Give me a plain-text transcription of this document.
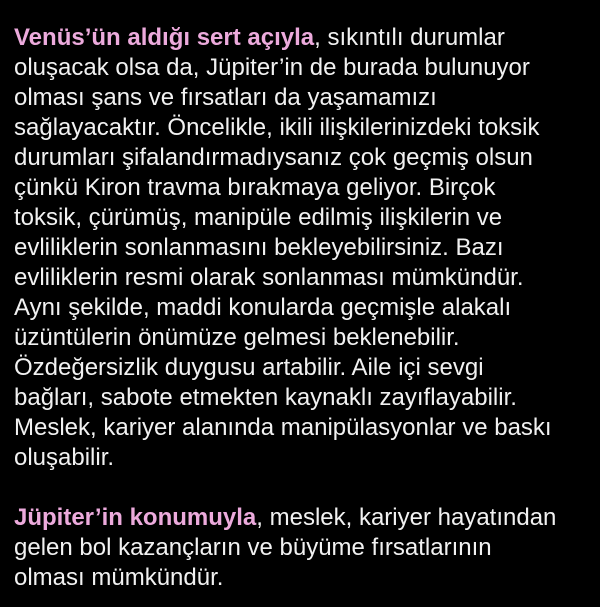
Venüs’ün aldığı sert açıyla, sıkıntılı durumlar
oluşacak olsa da, Jüpiter’in de burada bulunuyor
olması şans ve fırsatları da yaşamamızı
sağlayacaktır. Öncelikle, ikili ilişkilerinizdeki toksik
durumları şifalandırmadıysanız çok geçmiş olsun
çünkü Kiron travma bırakmaya geliyor. Birçok
toksik, çürümüş, manipüle edilmiş ilişkilerin ve
evliliklerin sonlanmasını bekleyebilirsiniz. Bazı
evliliklerin resmi olarak sonlanması mümkündür.
Aynı şekilde, maddi konularda geçmişle alakalı
üzüntülerin önümüze gelmesi beklenebilir.
Özdeğersizlik duygusu artabilir. Aile içi sevgi
bağları, sabote etmekten kaynaklı zayıflayabilir.
Meslek, kariyer alanında manipülasyonlar ve baskı
oluşabilir.

Jüpiter’in konumuyla, meslek, kariyer hayatından
gelen bol kazançların ve büyüme fırsatlarının
olması mümkündür.
